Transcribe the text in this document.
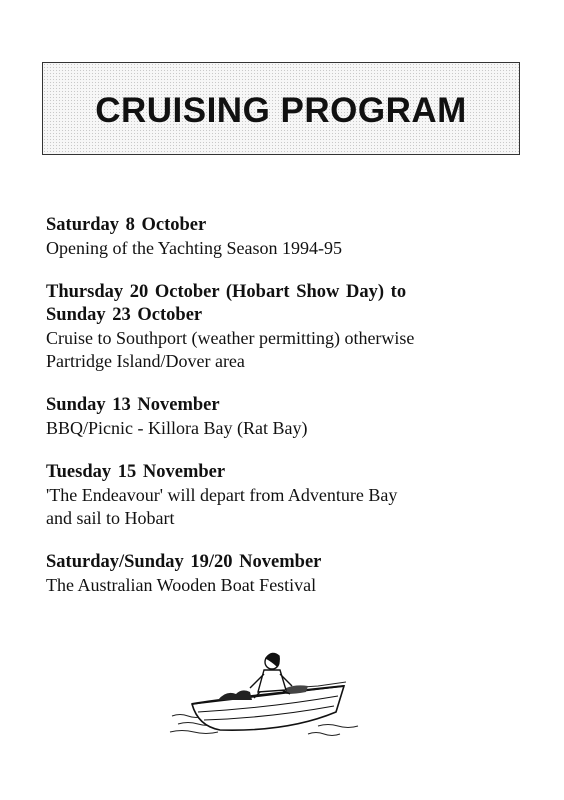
CRUISING PROGRAM

Saturday 8 October

Opening of the Yachting Season 1994-95

Thursday 20 October (Hobart Show Day) to

Sunday 23 October

Cruise to Southport (weather permitting) otherwise

Partridge Island/Dover area

Sunday 13 November

BBQ/Picnic - Killora Bay (Rat Bay)

Tuesday 15 November

'The Endeavour' will depart from Adventure Bay

and sail to Hobart

Saturday/Sunday 19/20 November

The Australian Wooden Boat Festival
